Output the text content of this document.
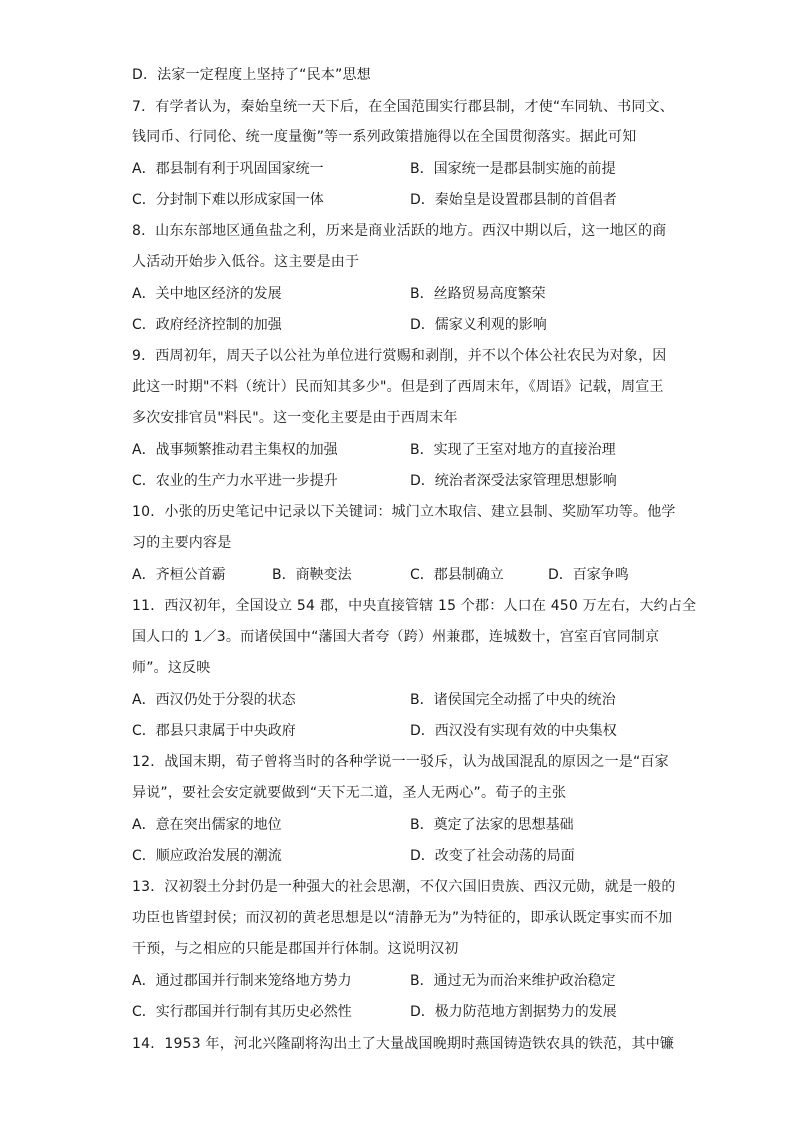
D．法家一定程度上坚持了“民本”思想
7．有学者认为，秦始皇统一天下后，在全国范围实行郡县制，才使“车同轨、书同文、
钱同币、行同伦、统一度量衡”等一系列政策措施得以在全国贯彻落实。据此可知
A．郡县制有利于巩固国家统一	B．国家统一是郡县制实施的前提
C．分封制下难以形成家国一体	D．秦始皇是设置郡县制的首倡者
8．山东东部地区通鱼盐之利，历来是商业活跃的地方。西汉中期以后，这一地区的商
人活动开始步入低谷。这主要是由于
A．关中地区经济的发展	B．丝路贸易高度繁荣
C．政府经济控制的加强	D．儒家义利观的影响
9．西周初年，周天子以公社为单位进行赏赐和剥削，并不以个体公社农民为对象，因
此这一时期"不料（统计）民而知其多少"。但是到了西周末年，《周语》记载，周宣王
多次安排官员"料民"。这一变化主要是由于西周末年
A．战事频繁推动君主集权的加强	B．实现了王室对地方的直接治理
C．农业的生产力水平进一步提升	D．统治者深受法家管理思想影响
10．小张的历史笔记中记录以下关键词：城门立木取信、建立县制、奖励军功等。他学
习的主要内容是
A．齐桓公首霸	B．商鞅变法	C．郡县制确立	D．百家争鸣
11．西汉初年，全国设立 54 郡，中央直接管辖 15 个郡：人口在 450 万左右，大约占全
国人口的 1／3。而诸侯国中“藩国大者夸（跨）州兼郡，连城数十，宫室百官同制京
师”。这反映
A．西汉仍处于分裂的状态	B．诸侯国完全动摇了中央的统治
C．郡县只隶属于中央政府	D．西汉没有实现有效的中央集权
12．战国末期，荀子曾将当时的各种学说一一驳斥，认为战国混乱的原因之一是“百家
异说”，要社会安定就要做到“天下无二道，圣人无两心”。荀子的主张
A．意在突出儒家的地位	B．奠定了法家的思想基础
C．顺应政治发展的潮流	D．改变了社会动荡的局面
13．汉初裂土分封仍是一种强大的社会思潮，不仅六国旧贵族、西汉元勋，就是一般的
功臣也皆望封侯；而汉初的黄老思想是以“清静无为”为特征的，即承认既定事实而不加
干预，与之相应的只能是郡国并行体制。这说明汉初
A．通过郡国并行制来笼络地方势力	B．通过无为而治来维护政治稳定
C．实行郡国并行制有其历史必然性	D．极力防范地方割据势力的发展
14．1953 年，河北兴隆副将沟出土了大量战国晚期时燕国铸造铁农具的铁范，其中镰
